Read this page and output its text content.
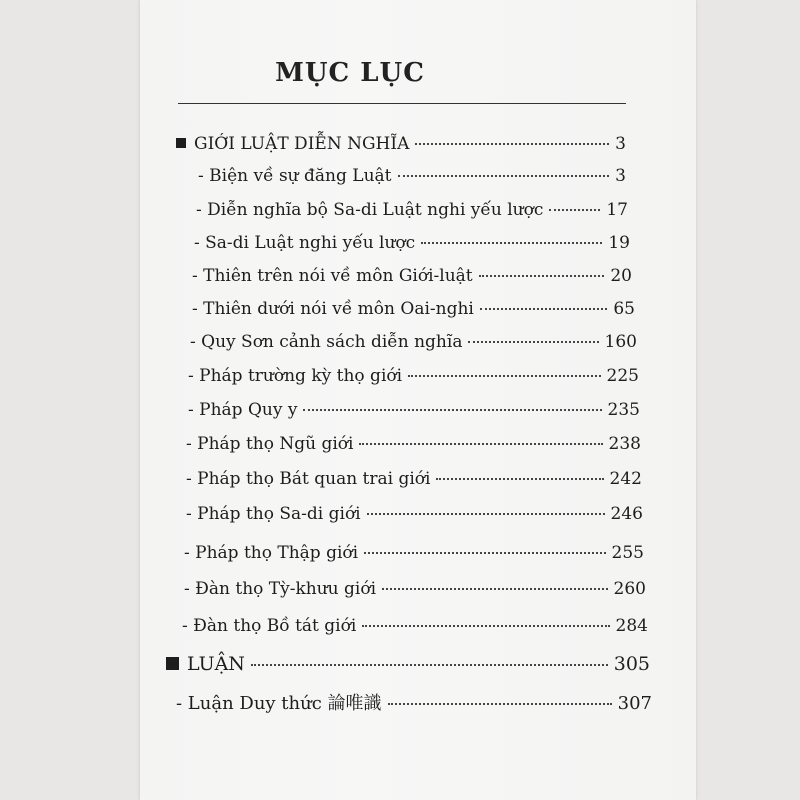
MỤC LỤC
GIỚI LUẬT DIỄN NGHĨA	3
- Biện về sự đăng Luật	3
- Diễn nghĩa bộ Sa-di Luật nghi yếu lược	17
- Sa-di Luật nghi yếu lược	19
- Thiên trên nói về môn Giới-luật	20
- Thiên dưới nói về môn Oai-nghi	65
- Quy Sơn cảnh sách diễn nghĩa	160
- Pháp trường kỳ thọ giới	225
- Pháp Quy y	235
- Pháp thọ Ngũ giới	238
- Pháp thọ Bát quan trai giới	242
- Pháp thọ Sa-di giới	246
- Pháp thọ Thập giới	255
- Đàn thọ Tỳ-khưu giới	260
- Đàn thọ Bồ tát giới	284
LUẬN	305
- Luận Duy thức 論唯識	307
